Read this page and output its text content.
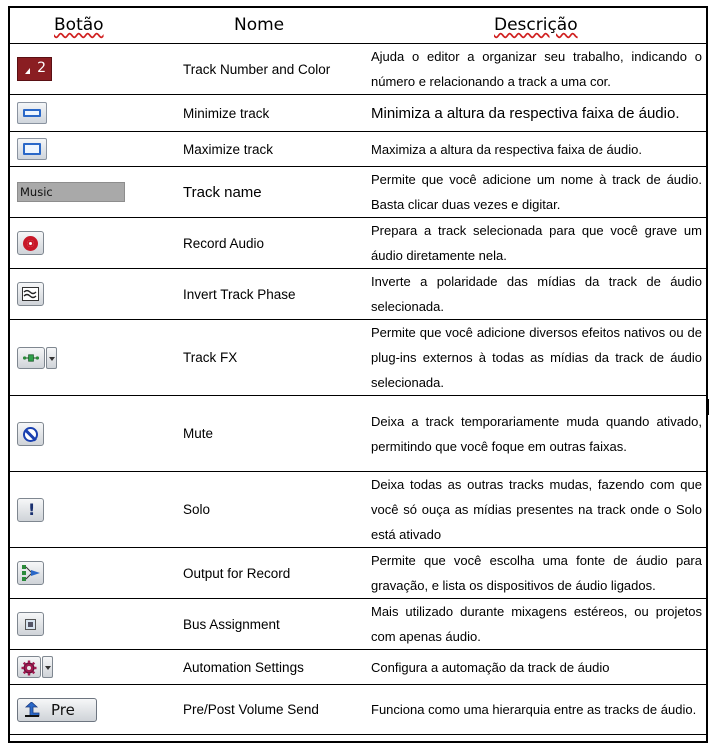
Botão	Nome	Descrição

2	Track Number and Color	Ajuda o editor a organizar seu trabalho, indicando o número e relacionando a track a uma cor.

	Minimize track	Minimiza a altura da respectiva faixa de áudio.

	Maximize track	Maximiza a altura da respectiva faixa de áudio.
Music	Track name	Permite que você adicione um nome à track de áudio. Basta clicar duas vezes e digitar.

	Record Audio	Prepara a track selecionada para que você grave um áudio diretamente nela.

	Invert Track Phase	Inverte a polaridade das mídias da track de áudio selecionada.

	Track FX	Permite que você adicione diversos efeitos nativos ou de plug-ins externos à todas as mídias da track de áudio selecionada.

	Mute	Deixa a track temporariamente muda quando ativado, permitindo que você foque em outras faixas.

!	Solo	Deixa todas as outras tracks mudas, fazendo com que você só ouça as mídias presentes na track onde o Solo está ativado

	Output for Record	Permite que você escolha uma fonte de áudio para gravação, e lista os dispositivos de áudio ligados.

	Bus Assignment	Mais utilizado durante mixagens estéreos, ou projetos com apenas áudio.

	Automation Settings	Configura a automação da track de áudio

Pre	Pre/Post Volume Send	Funciona como uma hierarquia entre as tracks de áudio.
